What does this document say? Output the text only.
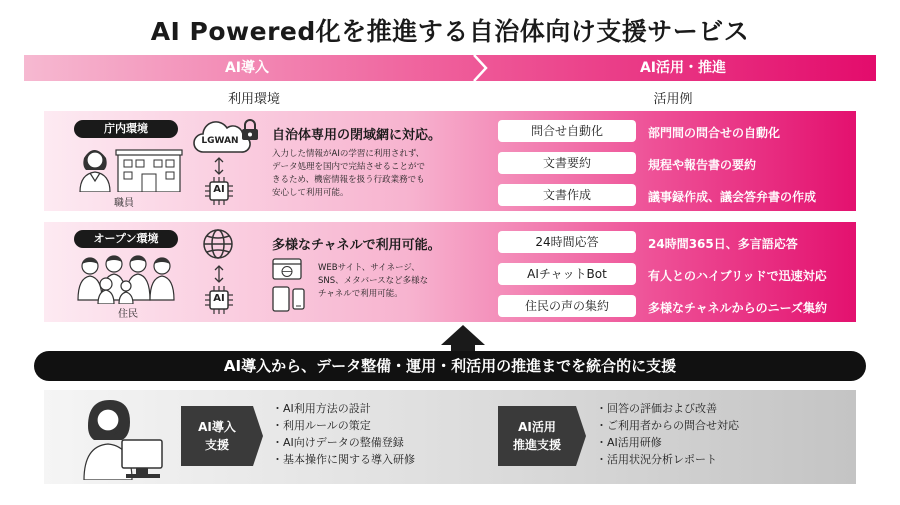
AI Powered化を推進する自治体向け支援サービス
AI導入	AI活用・推進
利用環境	活用例
庁内環境
職員
LGWAN
AI
自治体専用の閉域網に対応。
入力した情報がAIの学習に利用されず、
データ処理を国内で完結させることがで
きるため、機密情報を扱う行政業務でも
安心して利用可能。
問合せ自動化	部門間の問合せの自動化
文書要約	規程や報告書の要約
文書作成	議事録作成、議会答弁書の作成
オープン環境
住民
AI
多様なチャネルで利用可能。
WEBサイト、サイネージ、
SNS、メタバースなど多様な
チャネルで利用可能。
24時間応答	24時間365日、多言語応答
AIチャットBot	有人とのハイブリッドで迅速対応
住民の声の集約	多様なチャネルからのニーズ集約
AI導入から、データ整備・運用・利活用の推進までを統合的に支援
AI導入
支援
・ AI利用方法の設計
・ 利用ルールの策定
・ AI向けデータの整備登録
・ 基本操作に関する導入研修
AI活用
推進支援
・ 回答の評価および改善
・ ご利用者からの問合せ対応
・ AI活用研修
・ 活用状況分析レポート
